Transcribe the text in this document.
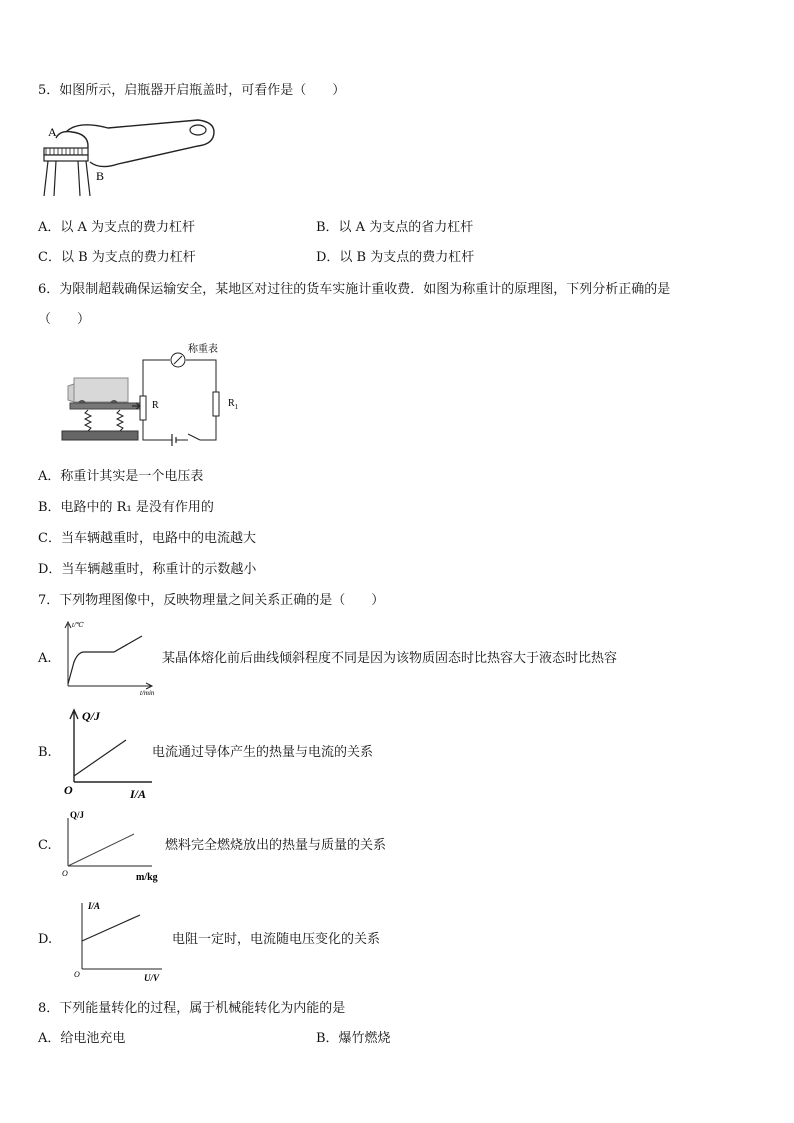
5．如图所示，启瓶器开启瓶盖时，可看作是（　　）
A
B
A．以 A 为支点的费力杠杆	B．以 A 为支点的省力杠杆
C．以 B 为支点的费力杠杆	D．以 B 为支点的费力杠杆
6．为限制超载确保运输安全，某地区对过往的货车实施计重收费．如图为称重计的原理图，下列分析正确的是
（　　）
R
称重表
$R_1$
A．称重计其实是一个电压表
B．电路中的 R₁ 是没有作用的
C．当车辆越重时，电路中的电流越大
D．当车辆越重时，称重计的示数越小
7．下列物理图像中，反映物理量之间关系正确的是（　　）
A.
t/℃
t/min
某晶体熔化前后曲线倾斜程度不同是因为该物质固态时比热容大于液态时比热容
B.
Q/J
O	I/A
电流通过导体产生的热量与电流的关系
C.
Q/J
O	m/kg
燃料完全燃烧放出的热量与质量的关系
D.
I/A
O	U/V
电阻一定时，电流随电压变化的关系
8．下列能量转化的过程，属于机械能转化为内能的是
A．给电池充电	B．爆竹燃烧
